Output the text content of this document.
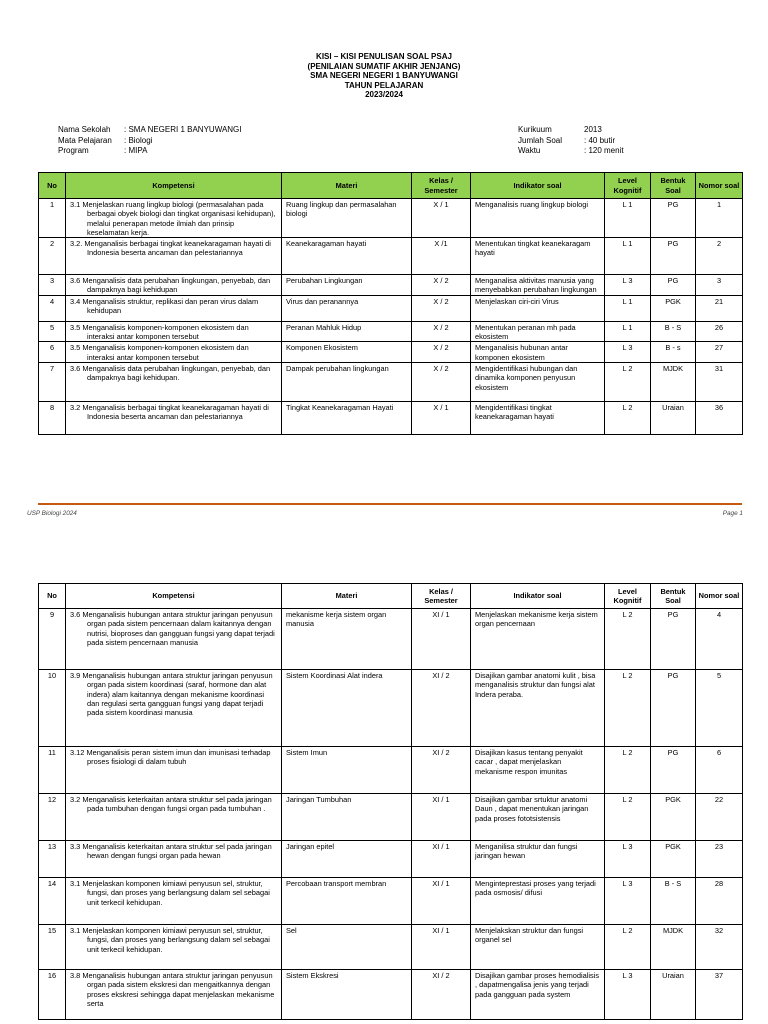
KISI – KISI PENULISAN SOAL PSAJ
(PENILAIAN SUMATIF AKHIR JENJANG)
SMA NEGERI NEGERI 1 BANYUWANGI
TAHUN PELAJARAN
2023/2024
Nama Sekolah	: SMA NEGERI 1 BANYUWANGI
Mata Pelajaran	: Biologi
Program	: MIPA
Kurikuum	2013
Jumlah Soal	: 40 butir
Waktu	: 120 menit
No	Kompetensi	Materi	Kelas / Semester	Indikator soal	Level Kognitif	Bentuk Soal	Nomor soal
1	3.1 Menjelaskan ruang lingkup biologi (permasalahan pada berbagai obyek biologi dan tingkat organisasi kehidupan), melalui penerapan metode ilmiah dan prinsip keselamatan kerja.	Ruang lingkup dan permasalahan biologi	X / 1	Menganalisis ruang lingkup biologi	L 1	PG	1
2	3.2. Menganalisis berbagai tingkat keanekaragaman hayati di Indonesia beserta ancaman dan pelestariannya	Keanekaragaman hayati	X /1	Menentukan tingkat keanekaragam hayati	L 1	PG	2
3	3.6 Menganalisis data perubahan lingkungan, penyebab, dan dampaknya bagi kehidupan	Perubahan Lingkungan	X / 2	Menganalisa aktivitas manusia yang menyebabkan perubahan lingkungan	L 3	PG	3
4	3.4 Menganalisis struktur, replikasi dan peran virus dalam kehidupan	Virus dan peranannya	X / 2	Menjelaskan ciri-ciri Virus	L 1	PGK	21
5	3.5 Menganalisis komponen-komponen ekosistem dan interaksi antar komponen tersebut	Peranan Mahluk Hidup	X / 2	Menentukan peranan mh pada ekosistem	L 1	B - S	26
6	3.5 Menganalisis komponen-komponen ekosistem dan interaksi antar komponen tersebut	Komponen Ekosistem	X / 2	Menganalisis hubunan antar komponen ekosistem	L 3	B - s	27
7	3.6 Menganalisis data perubahan lingkungan, penyebab, dan dampaknya bagi kehidupan.	Dampak perubahan lingkungan	X / 2	Mengidentifikasi hubungan dan dinamika komponen penyusun ekosistem	L 2	MJDK	31
8	3.2 Menganalisis berbagai tingkat keanekaragaman hayati di Indonesia beserta ancaman dan pelestariannya	Tingkat Keanekaragaman Hayati	X / 1	Mengidentifikasi tingkat keanekaragaman hayati	L 2	Uraian	36
USP Biologi 2024	Page 1
No	Kompetensi	Materi	Kelas / Semester	Indikator soal	Level Kognitif	Bentuk Soal	Nomor soal
9	3.6 Menganalisis hubungan antara struktur jaringan penyusun organ pada sistem pencernaan dalam kaitannya dengan nutrisi, bioproses dan gangguan fungsi yang dapat terjadi pada sistem pencernaan manusia	mekanisme kerja sistem organ manusia	XI / 1	Menjelaskan mekanisme kerja sistem organ pencernaan	L 2	PG	4
10	3.9 Menganalisis hubungan antara struktur jaringan penyusun organ pada sistem koordinasi (saraf, hormone dan alat indera) alam kaitannya dengan mekanisme koordinasi dan regulasi serta gangguan fungsi yang dapat terjadi pada sistem koordinasi manusia	Sistem Koordinasi Alat indera	XI / 2	Disajikan gambar anatomi kulit , bisa menganalisis struktur dan fungsi alat Indera peraba.	L 2	PG	5
11	3.12 Menganalisis peran sistem imun dan imunisasi terhadap proses fisiologi di dalam tubuh	Sistem Imun	XI / 2	Disajikan kasus tentang penyakit cacar , dapat menjelaskan mekanisme respon imunitas	L 2	PG	6
12	3.2 Menganalisis keterkaitan antara struktur sel pada jaringan pada tumbuhan dengan fungsi organ pada tumbuhan .	Jaringan Tumbuhan	XI / 1	Disajikan gambar srtuktur anatomi Daun , dapat menentukan jaringan pada proses fototsistensis	L 2	PGK	22
13	3.3 Menganalisis keterkaitan antara struktur sel pada jaringan hewan dengan fungsi organ pada hewan	Jaringan epitel	XI / 1	Menganilisa struktur dan fungsi jaringan hewan	L 3	PGK	23
14	3.1 Menjelaskan komponen kimiawi penyusun sel, struktur, fungsi, dan proses yang berlangsung dalam sel sebagai unit terkecil kehidupan.	Percobaan transport membran	XI / 1	Menginteprestasi proses yang terjadi pada osmosis/ difusi	L 3	B - S	28
15	3.1 Menjelaskan komponen kimiawi penyusun sel, struktur, fungsi, dan proses yang berlangsung dalam sel sebagai unit terkecil kehidupan.	Sel	XI / 1	Menjelakskan struktur dan fungsi organel sel	L 2	MJDK	32
16	3.8 Menganalisis hubungan antara struktur jaringan penyusun organ pada sistem ekskresi dan mengaitkannya dengan proses ekskresi sehingga dapat menjelaskan mekanisme serta	Sistem Ekskresi	XI / 2	Disajikan gambar proses hemodialisis , dapatmengalisa jenis yang terjadi pada gangguan pada system	L 3	Uraian	37
